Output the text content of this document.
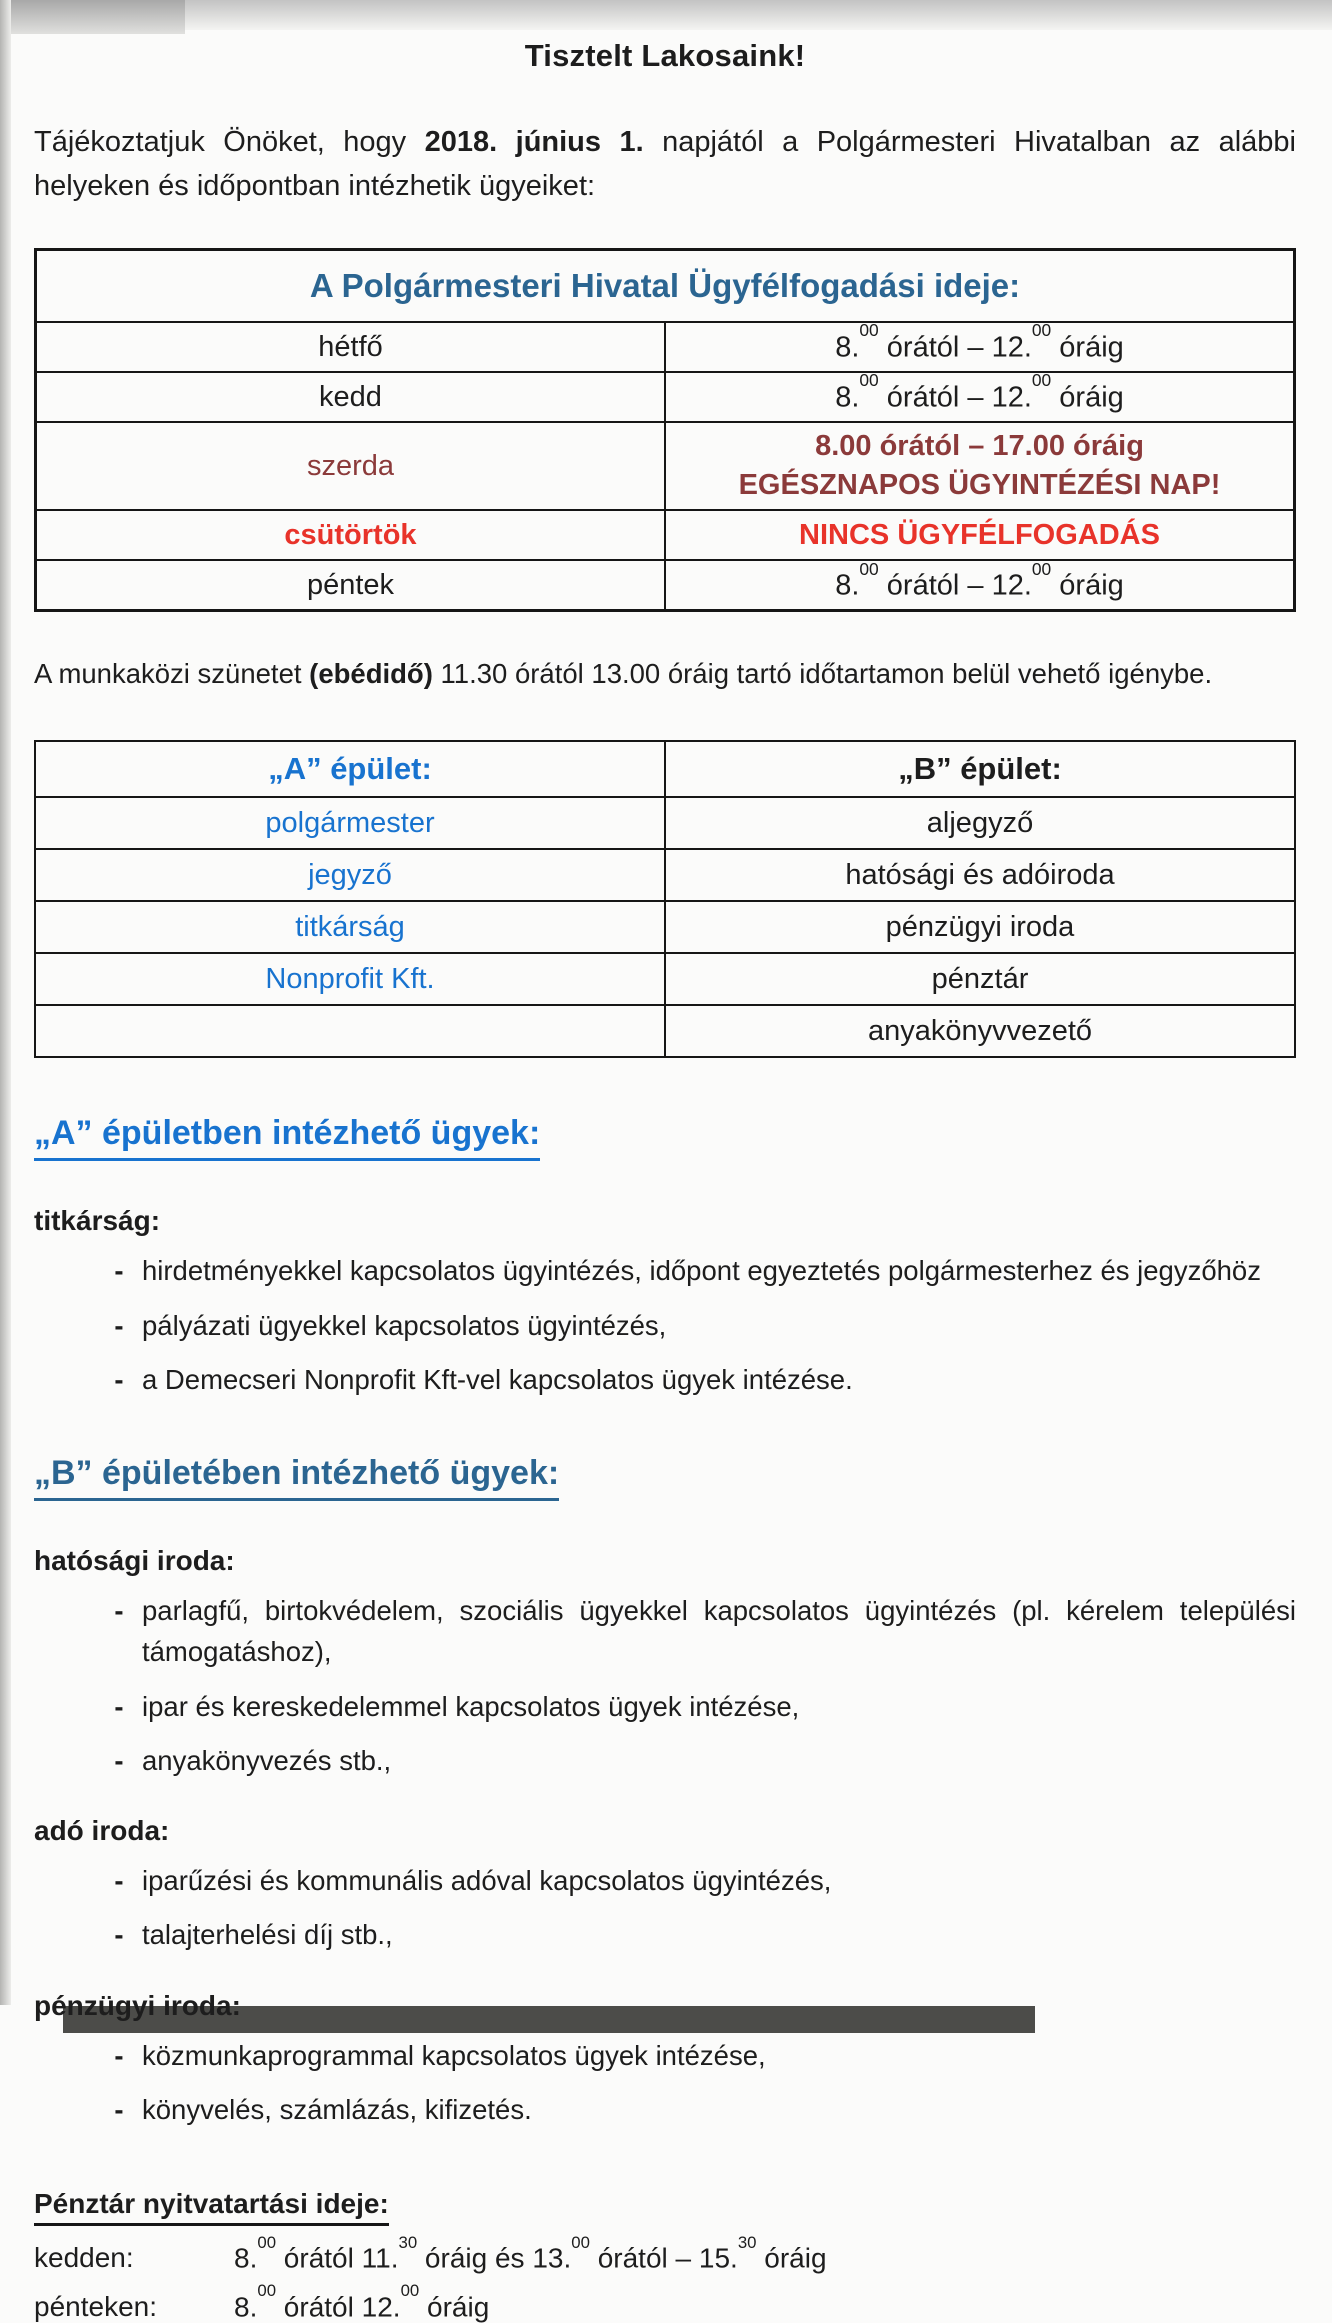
Tisztelt Lakosaink!
Tájékoztatjuk Önöket, hogy 2018. június 1. napjától a Polgármesteri Hivatalban az alábbi helyeken és időpontban intézhetik ügyeiket:
A Polgármesteri Hivatal Ügyfélfogadási ideje:	
hétfő	8.00 órától – 12.00 óráig
kedd	8.00 órától – 12.00 óráig
szerda	8.00 órától – 17.00 óráig
EGÉSZNAPOS ÜGYINTÉZÉSI NAP!

csütörtök	NINCS ÜGYFÉLFOGADÁS
péntek	8.00 órától – 12.00 óráig
A munkaközi szünetet (ebédidő) 11.30 órától 13.00 óráig tartó időtartamon belül vehető igénybe.
„A” épület:	„B” épület:
polgármester	aljegyző
jegyző	hatósági és adóiroda
titkárság	pénzügyi iroda
Nonprofit Kft.	pénztár
	anyakönyvvezető
„A” épületben intézhető ügyek:
titkárság:
- hirdetményekkel kapcsolatos ügyintézés, időpont egyeztetés polgármesterhez és jegyzőhöz
- pályázati ügyekkel kapcsolatos ügyintézés,
- a Demecseri Nonprofit Kft-vel kapcsolatos ügyek intézése.
„B” épületében intézhető ügyek:
hatósági iroda:
- parlagfű, birtokvédelem, szociális ügyekkel kapcsolatos ügyintézés (pl. kérelem települési támogatáshoz),
- ipar és kereskedelemmel kapcsolatos ügyek intézése,
- anyakönyvezés stb.,
adó iroda:
- iparűzési és kommunális adóval kapcsolatos ügyintézés,
- talajterhelési díj stb.,
pénzügyi iroda:
- közmunkaprogrammal kapcsolatos ügyek intézése,
- könyvelés, számlázás, kifizetés.
Pénztár nyitvatartási ideje:
kedden:	8.00 órától 11.30 óráig és 13.00 órától – 15.30 óráig
pénteken:	8.00 órától 12.00 óráig
